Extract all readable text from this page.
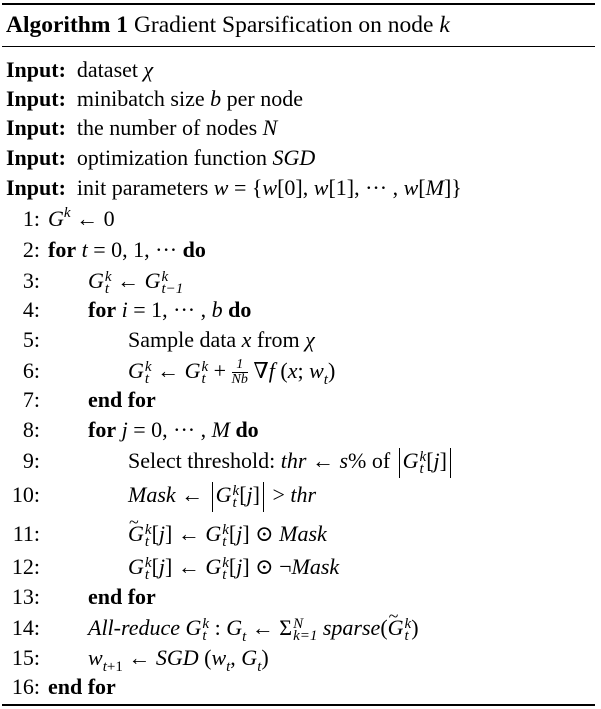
Algorithm 1 Gradient Sparsification on node k
Input:  dataset χ
Input:  minibatch size b per node
Input:  the number of nodes N
Input:  optimization function SGD
Input:  init parameters w = {w[0], w[1], ··· , w[M]}
1: $G^k$ ← 0
2: for t = 0, 1, ··· do
3: G k
t ← G k
t−1
4: for i = 1, ··· , b do
5:	Sample data x from χ
6:	G k
t ← G k
$t + \frac{1}{Nb} \nabla f$ (x; $w_t$)
7: end for
8: for j = 0, ··· , M do
9:	Select threshold: thr ← s% of G k
t [j]
10:	Mask ← G k
t [j] > thr
11:
~	G k
t [j] ← G k
t [j] ⊙ Mask
12:	G k
t [j] ← G k
t [j] ⊙ ¬Mask
13: end for
14: All-reduce G k
t : $G_t$ ← Σ N
k=1 sparse(~ G k
t )
15: $w_{t+1}$ ← SGD ($w_t$, $G_t$)
16: end for
